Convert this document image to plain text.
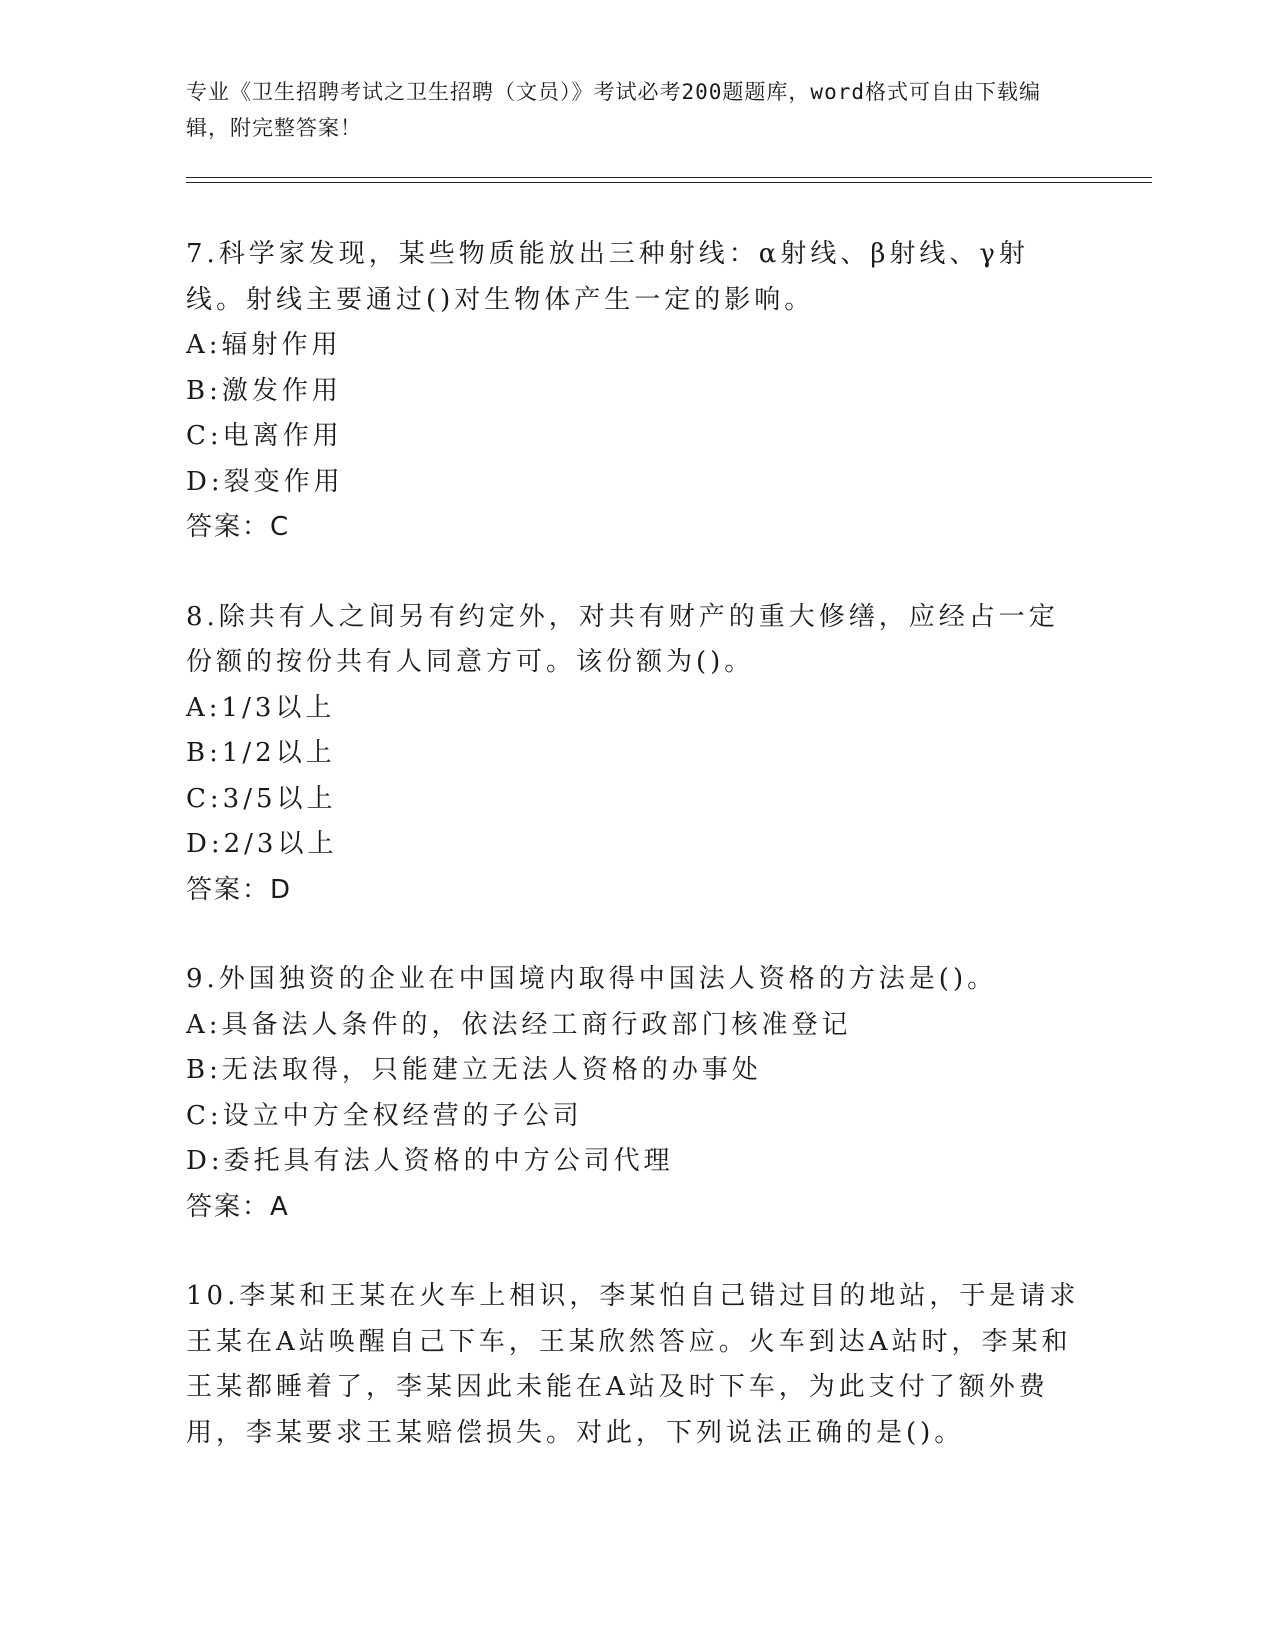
专业《卫生招聘考试之卫生招聘（文员）》考试必考200题题库，word格式可自由下载编辑，附完整答案！
7.科学家发现，某些物质能放出三种射线：α射线、β射线、γ射线。射线主要通过()对生物体产生一定的影响。
A:辐射作用
B:激发作用
C:电离作用
D:裂变作用
答案：C
8.除共有人之间另有约定外，对共有财产的重大修缮，应经占一定份额的按份共有人同意方可。该份额为()。
A:1/3以上
B:1/2以上
C:3/5以上
D:2/3以上
答案：D
9.外国独资的企业在中国境内取得中国法人资格的方法是()。
A:具备法人条件的，依法经工商行政部门核准登记
B:无法取得，只能建立无法人资格的办事处
C:设立中方全权经营的子公司
D:委托具有法人资格的中方公司代理
答案：A
10.李某和王某在火车上相识，李某怕自己错过目的地站，于是请求王某在A站唤醒自己下车，王某欣然答应。火车到达A站时，李某和王某都睡着了，李某因此未能在A站及时下车，为此支付了额外费用，李某要求王某赔偿损失。对此，下列说法正确的是()。
